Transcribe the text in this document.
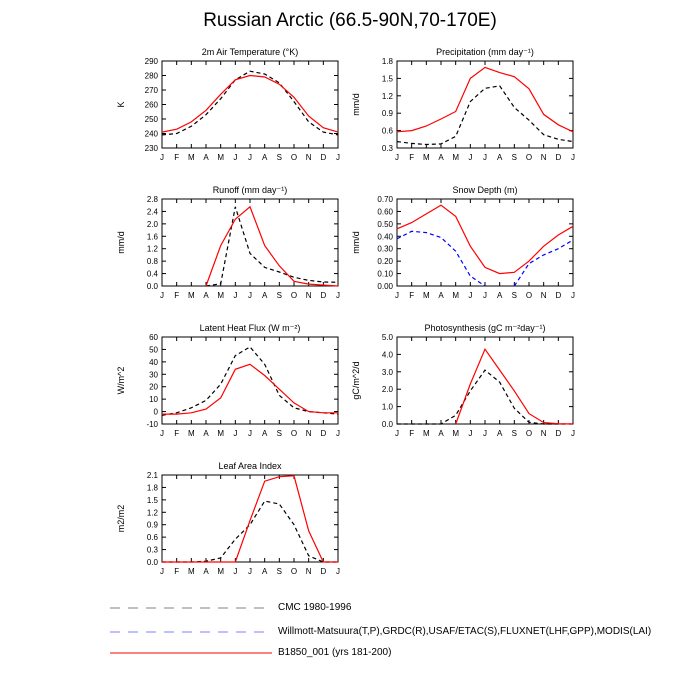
Russian Arctic (66.5-90N,70-170E)
2m Air Temperature (°K)
K
230
240
250
260
270
280
290
J F M A M J J A S O N D J
Precipitation (mm day⁻¹)
mm/d
0.3
0.6
0.9
1.2
1.5
1.8
J F M A M J J A S O N D J
Runoff (mm day⁻¹)
mm/d
0.0
0.4
0.8
1.2
1.6
2.0
2.4
2.8
J F M A M J J A S O N D J
Snow Depth (m)
mm/d
0.00
0.10
0.20
0.30
0.40
0.50
0.60
0.70
J F M A M J J A S O N D J
Latent Heat Flux (W m⁻²)
W/m^2
-10
0
10
20
30
40
50
60
J F M A M J J A S O N D J
Photosynthesis (gC m⁻²day⁻¹)
gC/m^2/d
0.0
1.0
2.0
3.0
4.0
5.0
J F M A M J J A S O N D J
Leaf Area Index
m2/m2
0.0
0.3
0.6
0.9
1.2
1.5
1.8
2.1
J F M A M J J A S O N D J
CMC 1980-1996
Willmott-Matsuura(T,P),GRDC(R),USAF/ETAC(S),FLUXNET(LHF,GPP),MODIS(LAI)
B1850_001 (yrs 181-200)
